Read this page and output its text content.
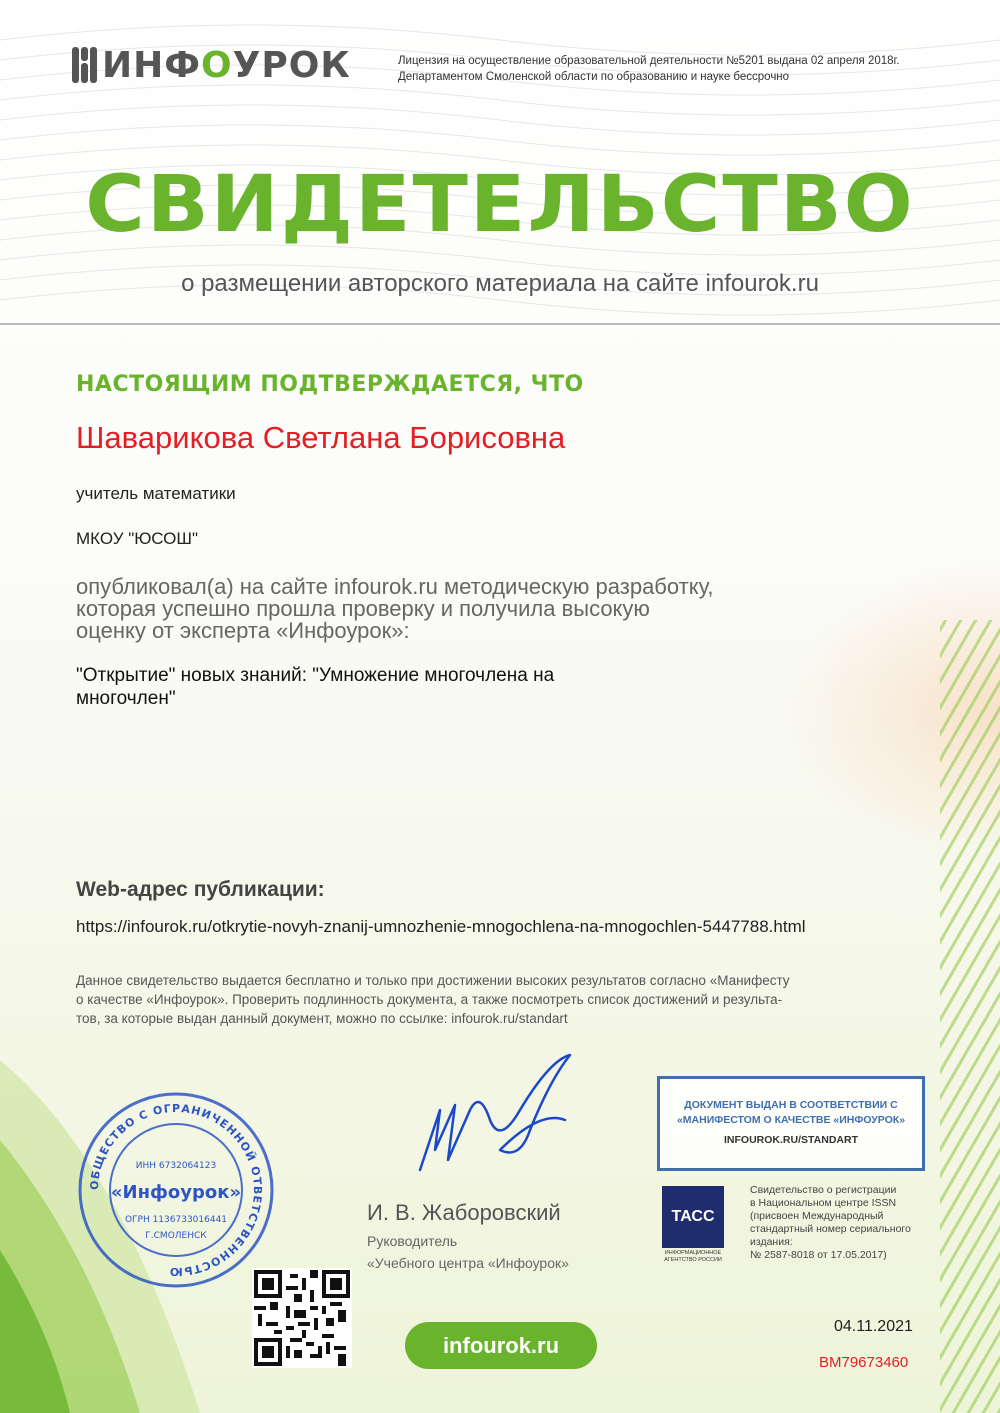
ИНФОУРОК	Лицензия на осуществление образовательной деятельности №5201 выдана 02 апреля 2018г.
Департаментом Смоленской области по образованию и науке бессрочно
СВИДЕТЕЛЬСТВО
о размещении авторского материала на сайте infourok.ru
НАСТОЯЩИМ ПОДТВЕРЖДАЕТСЯ, ЧТО
Шаварикова Светлана Борисовна
учитель математики
МКОУ "ЮСОШ"
опубликовал(а) на сайте infourok.ru методическую разработку,
которая успешно прошла проверку и получила высокую
оценку от эксперта «Инфоурок»:
"Открытие" новых знаний: "Умножение многочлена на
многочлен"
Web-адрес публикации:
https://infourok.ru/otkrytie-novyh-znanij-umnozhenie-mnogochlena-na-mnogochlen-5447788.html
Данное свидетельство выдается бесплатно и только при достижении высоких результатов согласно «Манифесту
о качестве «Инфоурок». Проверить подлинность документа, а также посмотреть список достижений и результа-
тов, за которые выдан данный документ, можно по ссылке: infourok.ru/standart
ОБЩЕСТВО С ОГРАНИЧЕННОЙ ОТВЕТСТВЕННОСТЬЮ
ИНН 6732064123
«Инфоурок»
ОГРН 1136733016441
Г.СМОЛЕНСК
И. В. Жаборовский
Руководитель
«Учебного центра «Инфоурок»
infourok.ru
ДОКУМЕНТ ВЫДАН В СООТВЕТСТВИИ С
«МАНИФЕСТОМ О КАЧЕСТВЕ «ИНФОУРОК»
INFOUROK.RU/STANDART
ТАСС
ИНФОРМАЦИОННОЕ
АГЕНТСТВО РОССИИ
Свидетельство о регистрации
в Национальном центре ISSN
(присвоен Международный
стандартный номер сериального
издания:
№ 2587-8018 от 17.05.2017)
04.11.2021
ВМ79673460
